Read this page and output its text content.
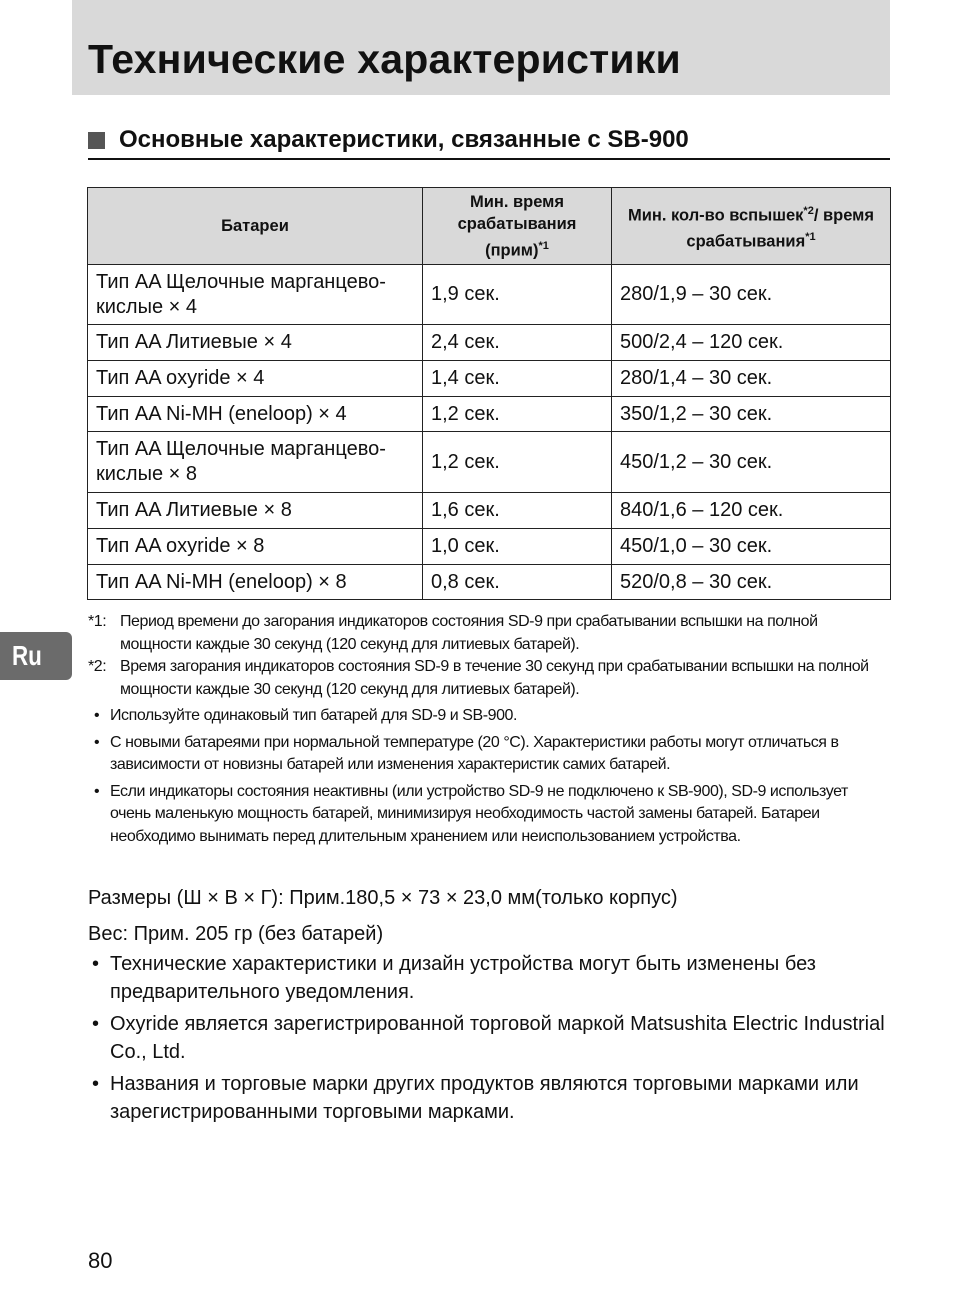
Технические характеристики
Основные характеристики, связанные с SB-900
Батареи	Мин. время срабатывания (прим)$^{*1}$	Мин. кол-во вспышек$^{*2}$/ время срабатывания$^{*1}$
Тип AA Щелочные марганцево-кислые × 4	1,9 сек.	280/1,9 – 30 сек.
Тип AA Литиевые × 4	2,4 сек.	500/2,4 – 120 сек.
Тип AA oxyride × 4	1,4 сек.	280/1,4 – 30 сек.
Тип AA Ni-MH (eneloop) × 4	1,2 сек.	350/1,2 – 30 сек.
Тип AA Щелочные марганцево-кислые × 8	1,2 сек.	450/1,2 – 30 сек.
Тип AA Литиевые × 8	1,6 сек.	840/1,6 – 120 сек.
Тип AA oxyride × 8	1,0 сек.	450/1,0 – 30 сек.
Тип AA Ni-MH (eneloop) × 8	0,8 сек.	520/0,8 – 30 сек.
Ru
*1: Период времени до загорания индикаторов состояния SD-9 при срабатывании вспышки на полной мощности каждые 30 секунд (120 секунд для литиевых батарей).
*2: Время загорания индикаторов состояния SD-9 в течение 30 секунд при срабатывании вспышки на полной мощности каждые 30 секунд (120 секунд для литиевых батарей).
• Используйте одинаковый тип батарей для SD-9 и SB-900.
• С новыми батареями при нормальной температуре (20 °C). Характеристики работы могут отличаться в зависимости от новизны батарей или изменения характеристик самих батарей.
• Если индикаторы состояния неактивны (или устройство SD-9 не подключено к SB-900), SD-9 использует очень маленькую мощность батарей, минимизируя необходимость частой замены батарей. Батареи необходимо вынимать перед длительным хранением или неиспользованием устройства.

Размеры (Ш × В × Г): Прим.180,5 × 73 × 23,0 мм(только корпус)

Вес: Прим. 205 гр (без батарей)

• Технические характеристики и дизайн устройства могут быть изменены без предварительного уведомления.
• Oxyride является зарегистрированной торговой маркой Matsushita Electric Industrial Co., Ltd.
• Названия и торговые марки других продуктов являются торговыми марками или зарегистрированными торговыми марками.
80
